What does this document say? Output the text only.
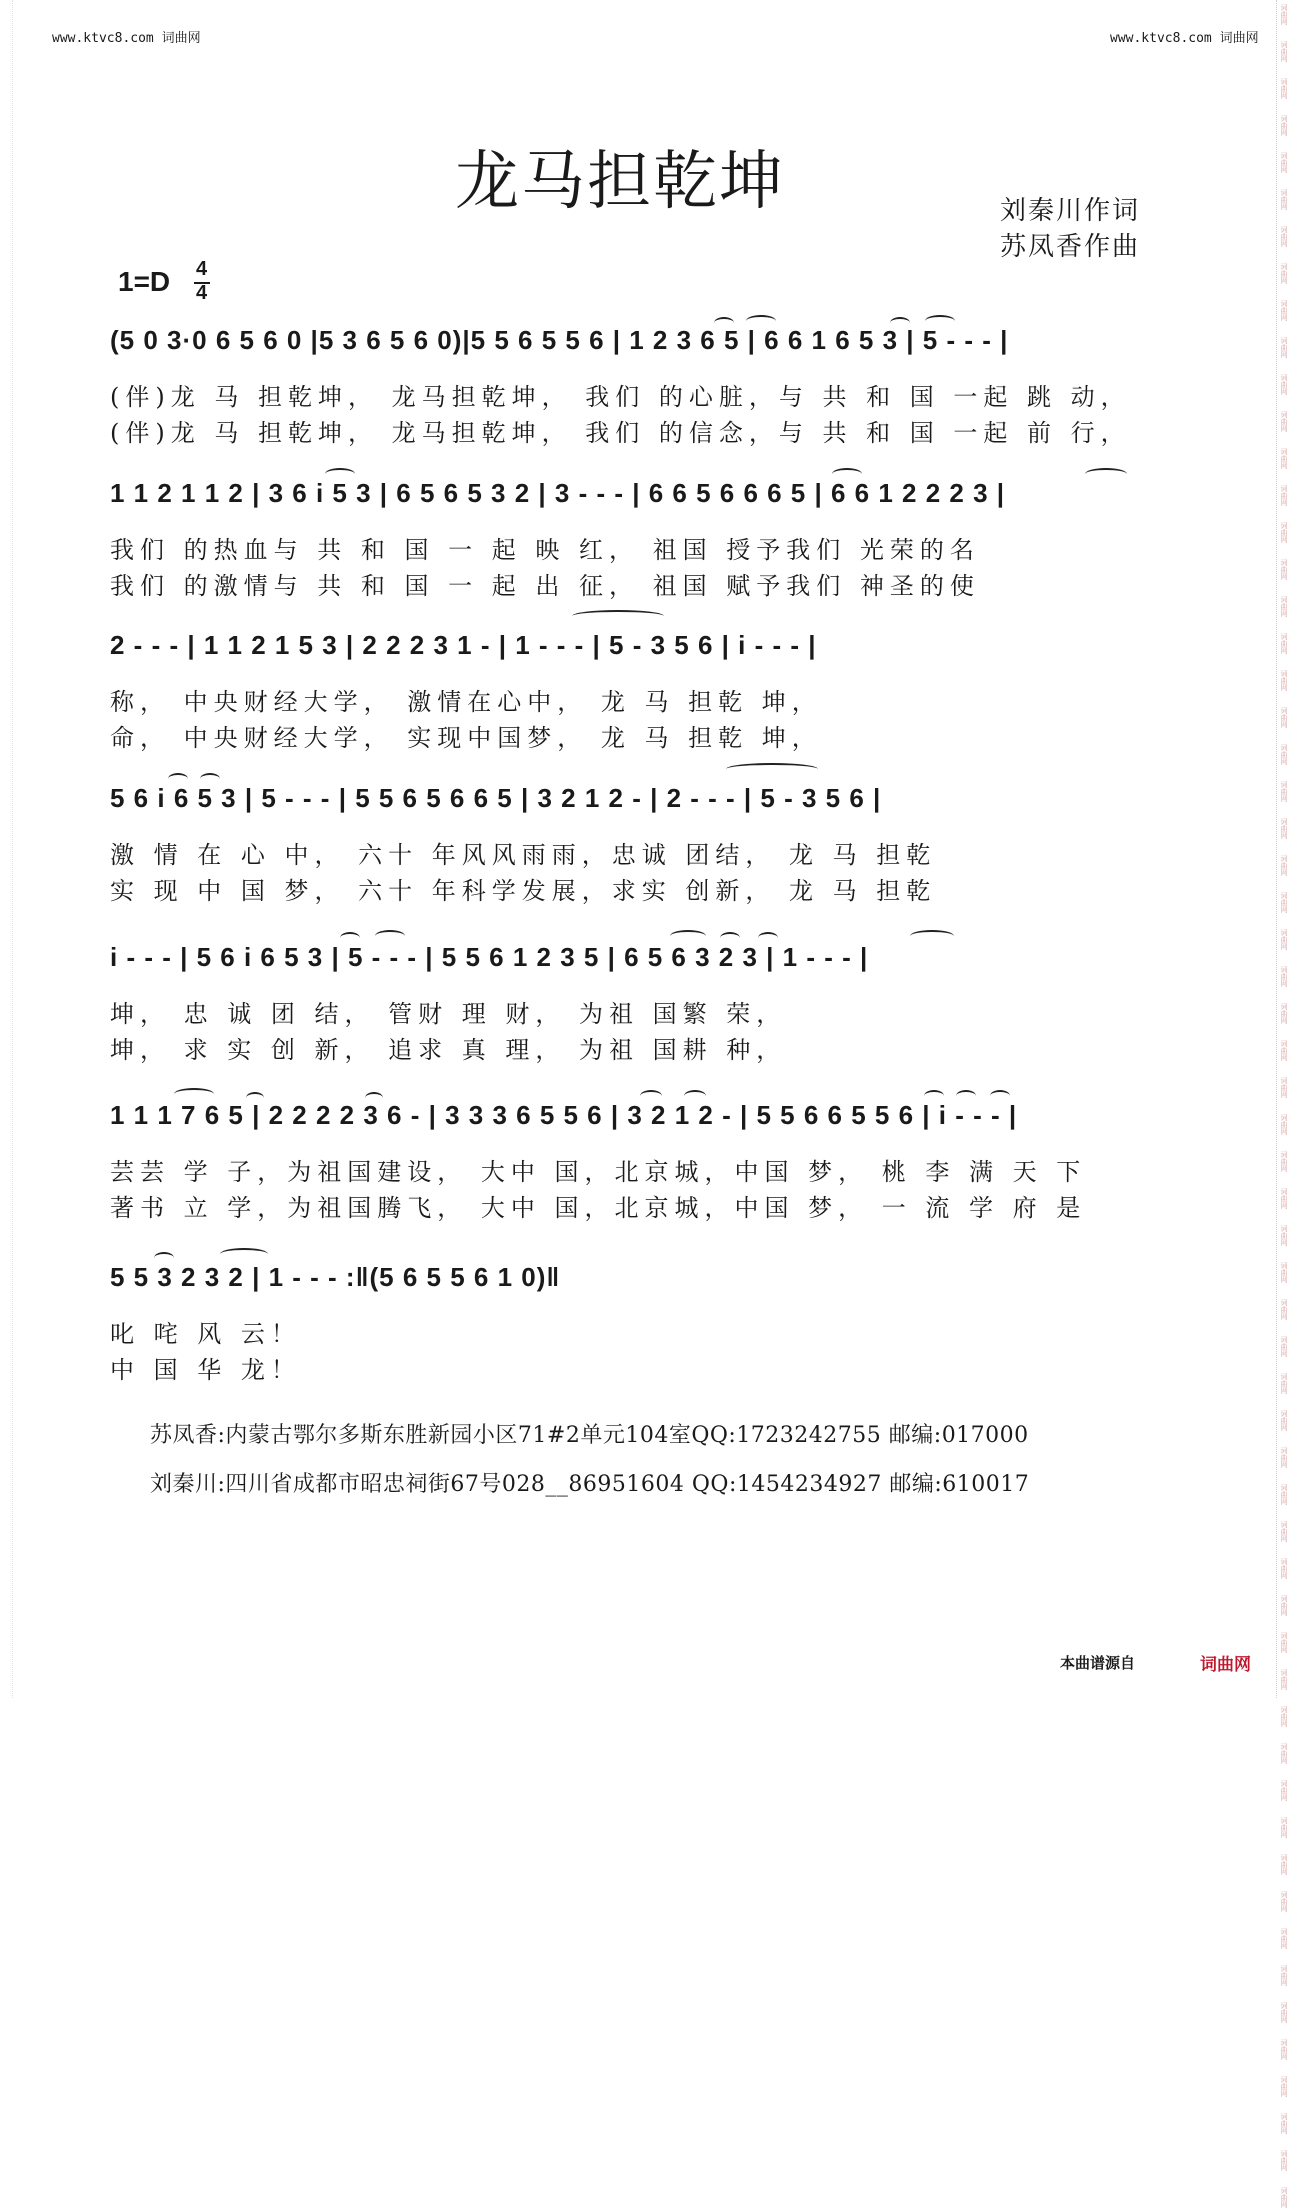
词曲网
词曲网
词曲网
词曲网
词曲网
词曲网
词曲网
词曲网
词曲网
词曲网
词曲网
词曲网
词曲网
词曲网
词曲网
词曲网
词曲网
词曲网
词曲网
词曲网
词曲网
词曲网
词曲网
词曲网
词曲网
词曲网
词曲网
词曲网
词曲网
词曲网
词曲网
词曲网
词曲网
词曲网
词曲网
词曲网
词曲网
词曲网
词曲网
词曲网
词曲网
词曲网
词曲网
词曲网
词曲网
词曲网
词曲网
词曲网
词曲网
词曲网
词曲网
词曲网
词曲网
词曲网
词曲网
词曲网
词曲网
词曲网
词曲网
词曲网
www.ktvc8.com 词曲网	www.ktvc8.com 词曲网
龙马担乾坤	刘秦川作词
苏凤香作曲
1=D 4
4
(5 0 3·0 6 5 6 0 |5 3 6 5 6 0)|5 5 6 5 5 6 | 1 2 3 6 5 | 6 6 1 6 5 3 | 5 - - - |
(伴)龙 马 担乾坤， 龙马担乾坤， 我们 的心脏，与 共 和 国 一起 跳 动，
(伴)龙 马 担乾坤， 龙马担乾坤， 我们 的信念，与 共 和 国 一起 前 行，
1 1 2 1 1 2 | 3 6 i 5 3 | 6 5 6 5 3 2 | 3 - - - | 6 6 5 6 6 6 5 | 6 6 1 2 2 2 3 |
我们 的热血与 共 和 国 一 起 映 红， 祖国 授予我们 光荣的名
我们 的激情与 共 和 国 一 起 出 征， 祖国 赋予我们 神圣的使
2 - - - | 1 1 2 1 5 3 | 2 2 2 3 1 - | 1 - - - | 5 - 3 5 6 | i - - - |
称， 中央财经大学， 激情在心中， 龙 马 担乾 坤，
命， 中央财经大学， 实现中国梦， 龙 马 担乾 坤，
5 6 i 6 5 3 | 5 - - - | 5 5 6 5 6 6 5 | 3 2 1 2 - | 2 - - - | 5 - 3 5 6 |
激 情 在 心 中， 六十 年风风雨雨，忠诚 团结， 龙 马 担乾
实 现 中 国 梦， 六十 年科学发展，求实 创新， 龙 马 担乾
i - - - | 5 6 i 6 5 3 | 5 - - - | 5 5 6 1 2 3 5 | 6 5 6 3 2 3 | 1 - - - |
坤， 忠 诚 团 结， 管财 理 财， 为祖 国繁 荣，
坤， 求 实 创 新， 追求 真 理， 为祖 国耕 种，
1 1 1 7 6 5 | 2 2 2 2 3 6 - | 3 3 3 6 5 5 6 | 3 2 1 2 - | 5 5 6 6 5 5 6 | i - - - |
芸芸 学 子，为祖国建设， 大中 国，北京城，中国 梦， 桃 李 满 天 下
著书 立 学，为祖国腾飞， 大中 国，北京城，中国 梦， 一 流 学 府 是
5 5 3 2 3 2 | 1 - - - :‖(5 6 5 5 6 1 0)‖
叱 咤 风 云！
中 国 华 龙！
苏凤香:内蒙古鄂尔多斯东胜新园小区71#2单元104室QQ:1723242755 邮编:017000
刘秦川:四川省成都市昭忠祠街67号028__86951604 QQ:1454234927 邮编:610017
本曲谱源自	词曲网
